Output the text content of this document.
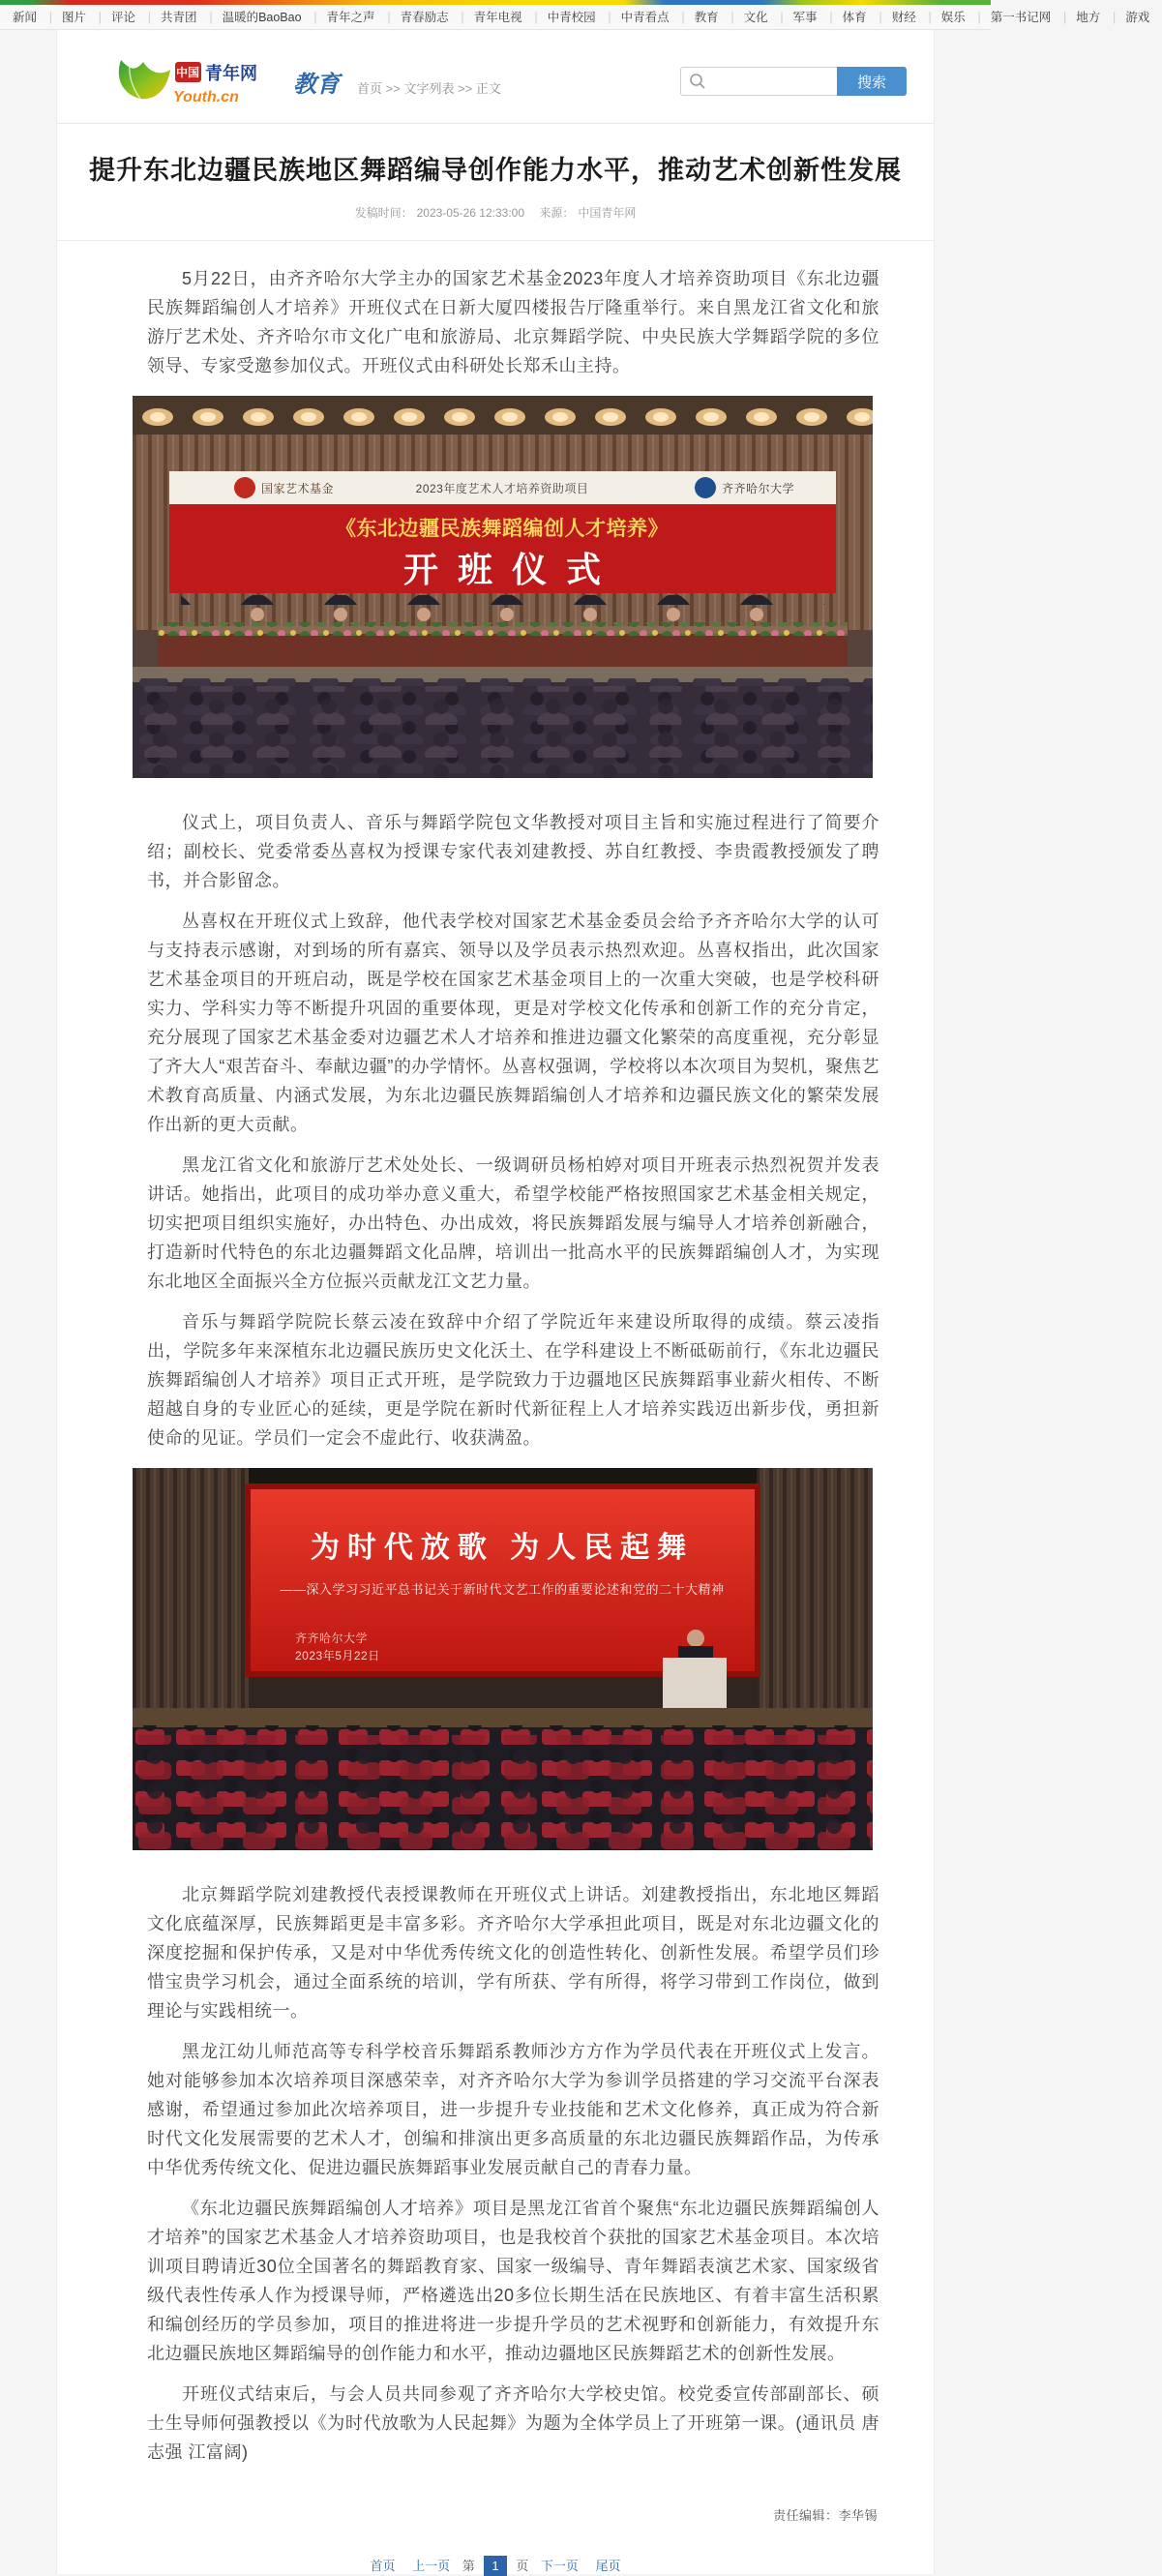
新闻 | 图片 | 评论 | 共青团 | 温暖的BaoBao | 青年之声 | 青春励志 | 青年电视 | 中青校园 | 中青看点 | 教育 | 文化 | 军事 | 体育 | 财经 | 娱乐 | 第一书记网 | 地方 | 游戏
中国 青年网
Youth.cn 教育 首页 >> 文字列表 >> 正文	搜索
提升东北边疆民族地区舞蹈编导创作能力水平，推动艺术创新性发展
发稿时间： 2023-05-26 12:33:00 来源： 中国青年网

5月22日，由齐齐哈尔大学主办的国家艺术基金2023年度人才培养资助项目《东北边疆民族舞蹈编创人才培养》开班仪式在日新大厦四楼报告厅隆重举行。来自黑龙江省文化和旅游厅艺术处、齐齐哈尔市文化广电和旅游局、北京舞蹈学院、中央民族大学舞蹈学院的多位领导、专家受邀参加仪式。开班仪式由科研处长郑禾山主持。

国家艺术基金	2023年度艺术人才培养资助项目	齐齐哈尔大学
《东北边疆民族舞蹈编创人才培养》
开班仪式

仪式上，项目负责人、音乐与舞蹈学院包文华教授对项目主旨和实施过程进行了简要介绍；副校长、党委常委丛喜权为授课专家代表刘建教授、苏自红教授、李贵霞教授颁发了聘书，并合影留念。

丛喜权在开班仪式上致辞，他代表学校对国家艺术基金委员会给予齐齐哈尔大学的认可与支持表示感谢，对到场的所有嘉宾、领导以及学员表示热烈欢迎。丛喜权指出，此次国家艺术基金项目的开班启动，既是学校在国家艺术基金项目上的一次重大突破，也是学校科研实力、学科实力等不断提升巩固的重要体现，更是对学校文化传承和创新工作的充分肯定，充分展现了国家艺术基金委对边疆艺术人才培养和推进边疆文化繁荣的高度重视，充分彰显了齐大人“艰苦奋斗、奉献边疆”的办学情怀。丛喜权强调，学校将以本次项目为契机，聚焦艺术教育高质量、内涵式发展，为东北边疆民族舞蹈编创人才培养和边疆民族文化的繁荣发展作出新的更大贡献。

黑龙江省文化和旅游厅艺术处处长、一级调研员杨柏婷对项目开班表示热烈祝贺并发表讲话。她指出，此项目的成功举办意义重大，希望学校能严格按照国家艺术基金相关规定，切实把项目组织实施好，办出特色、办出成效，将民族舞蹈发展与编导人才培养创新融合，打造新时代特色的东北边疆舞蹈文化品牌，培训出一批高水平的民族舞蹈编创人才，为实现东北地区全面振兴全方位振兴贡献龙江文艺力量。

音乐与舞蹈学院院长蔡云凌在致辞中介绍了学院近年来建设所取得的成绩。蔡云凌指出，学院多年来深植东北边疆民族历史文化沃土、在学科建设上不断砥砺前行，《东北边疆民族舞蹈编创人才培养》项目正式开班，是学院致力于边疆地区民族舞蹈事业薪火相传、不断超越自身的专业匠心的延续，更是学院在新时代新征程上人才培养实践迈出新步伐，勇担新使命的见证。学员们一定会不虚此行、收获满盈。

为时代放歌 为人民起舞
——深入学习习近平总书记关于新时代文艺工作的重要论述和党的二十大精神
齐齐哈尔大学
2023年5月22日

北京舞蹈学院刘建教授代表授课教师在开班仪式上讲话。刘建教授指出，东北地区舞蹈文化底蕴深厚，民族舞蹈更是丰富多彩。齐齐哈尔大学承担此项目，既是对东北边疆文化的深度挖掘和保护传承，又是对中华优秀传统文化的创造性转化、创新性发展。希望学员们珍惜宝贵学习机会，通过全面系统的培训，学有所获、学有所得，将学习带到工作岗位，做到理论与实践相统一。

黑龙江幼儿师范高等专科学校音乐舞蹈系教师沙方方作为学员代表在开班仪式上发言。她对能够参加本次培养项目深感荣幸，对齐齐哈尔大学为参训学员搭建的学习交流平台深表感谢，希望通过参加此次培养项目，进一步提升专业技能和艺术文化修养，真正成为符合新时代文化发展需要的艺术人才，创编和排演出更多高质量的东北边疆民族舞蹈作品，为传承中华优秀传统文化、促进边疆民族舞蹈事业发展贡献自己的青春力量。

《东北边疆民族舞蹈编创人才培养》项目是黑龙江省首个聚焦“东北边疆民族舞蹈编创人才培养”的国家艺术基金人才培养资助项目，也是我校首个获批的国家艺术基金项目。本次培训项目聘请近30位全国著名的舞蹈教育家、国家一级编导、青年舞蹈表演艺术家、国家级省级代表性传承人作为授课导师，严格遴选出20多位长期生活在民族地区、有着丰富生活积累和编创经历的学员参加，项目的推进将进一步提升学员的艺术视野和创新能力，有效提升东北边疆民族地区舞蹈编导的创作能力和水平，推动边疆地区民族舞蹈艺术的创新性发展。

开班仪式结束后，与会人员共同参观了齐齐哈尔大学校史馆。校党委宣传部副部长、硕士生导师何强教授以《为时代放歌为人民起舞》为题为全体学员上了开班第一课。(通讯员 唐志强 江富阔)

责任编辑：李华锡
首页 上一页 第 1 页 下一页 尾页
